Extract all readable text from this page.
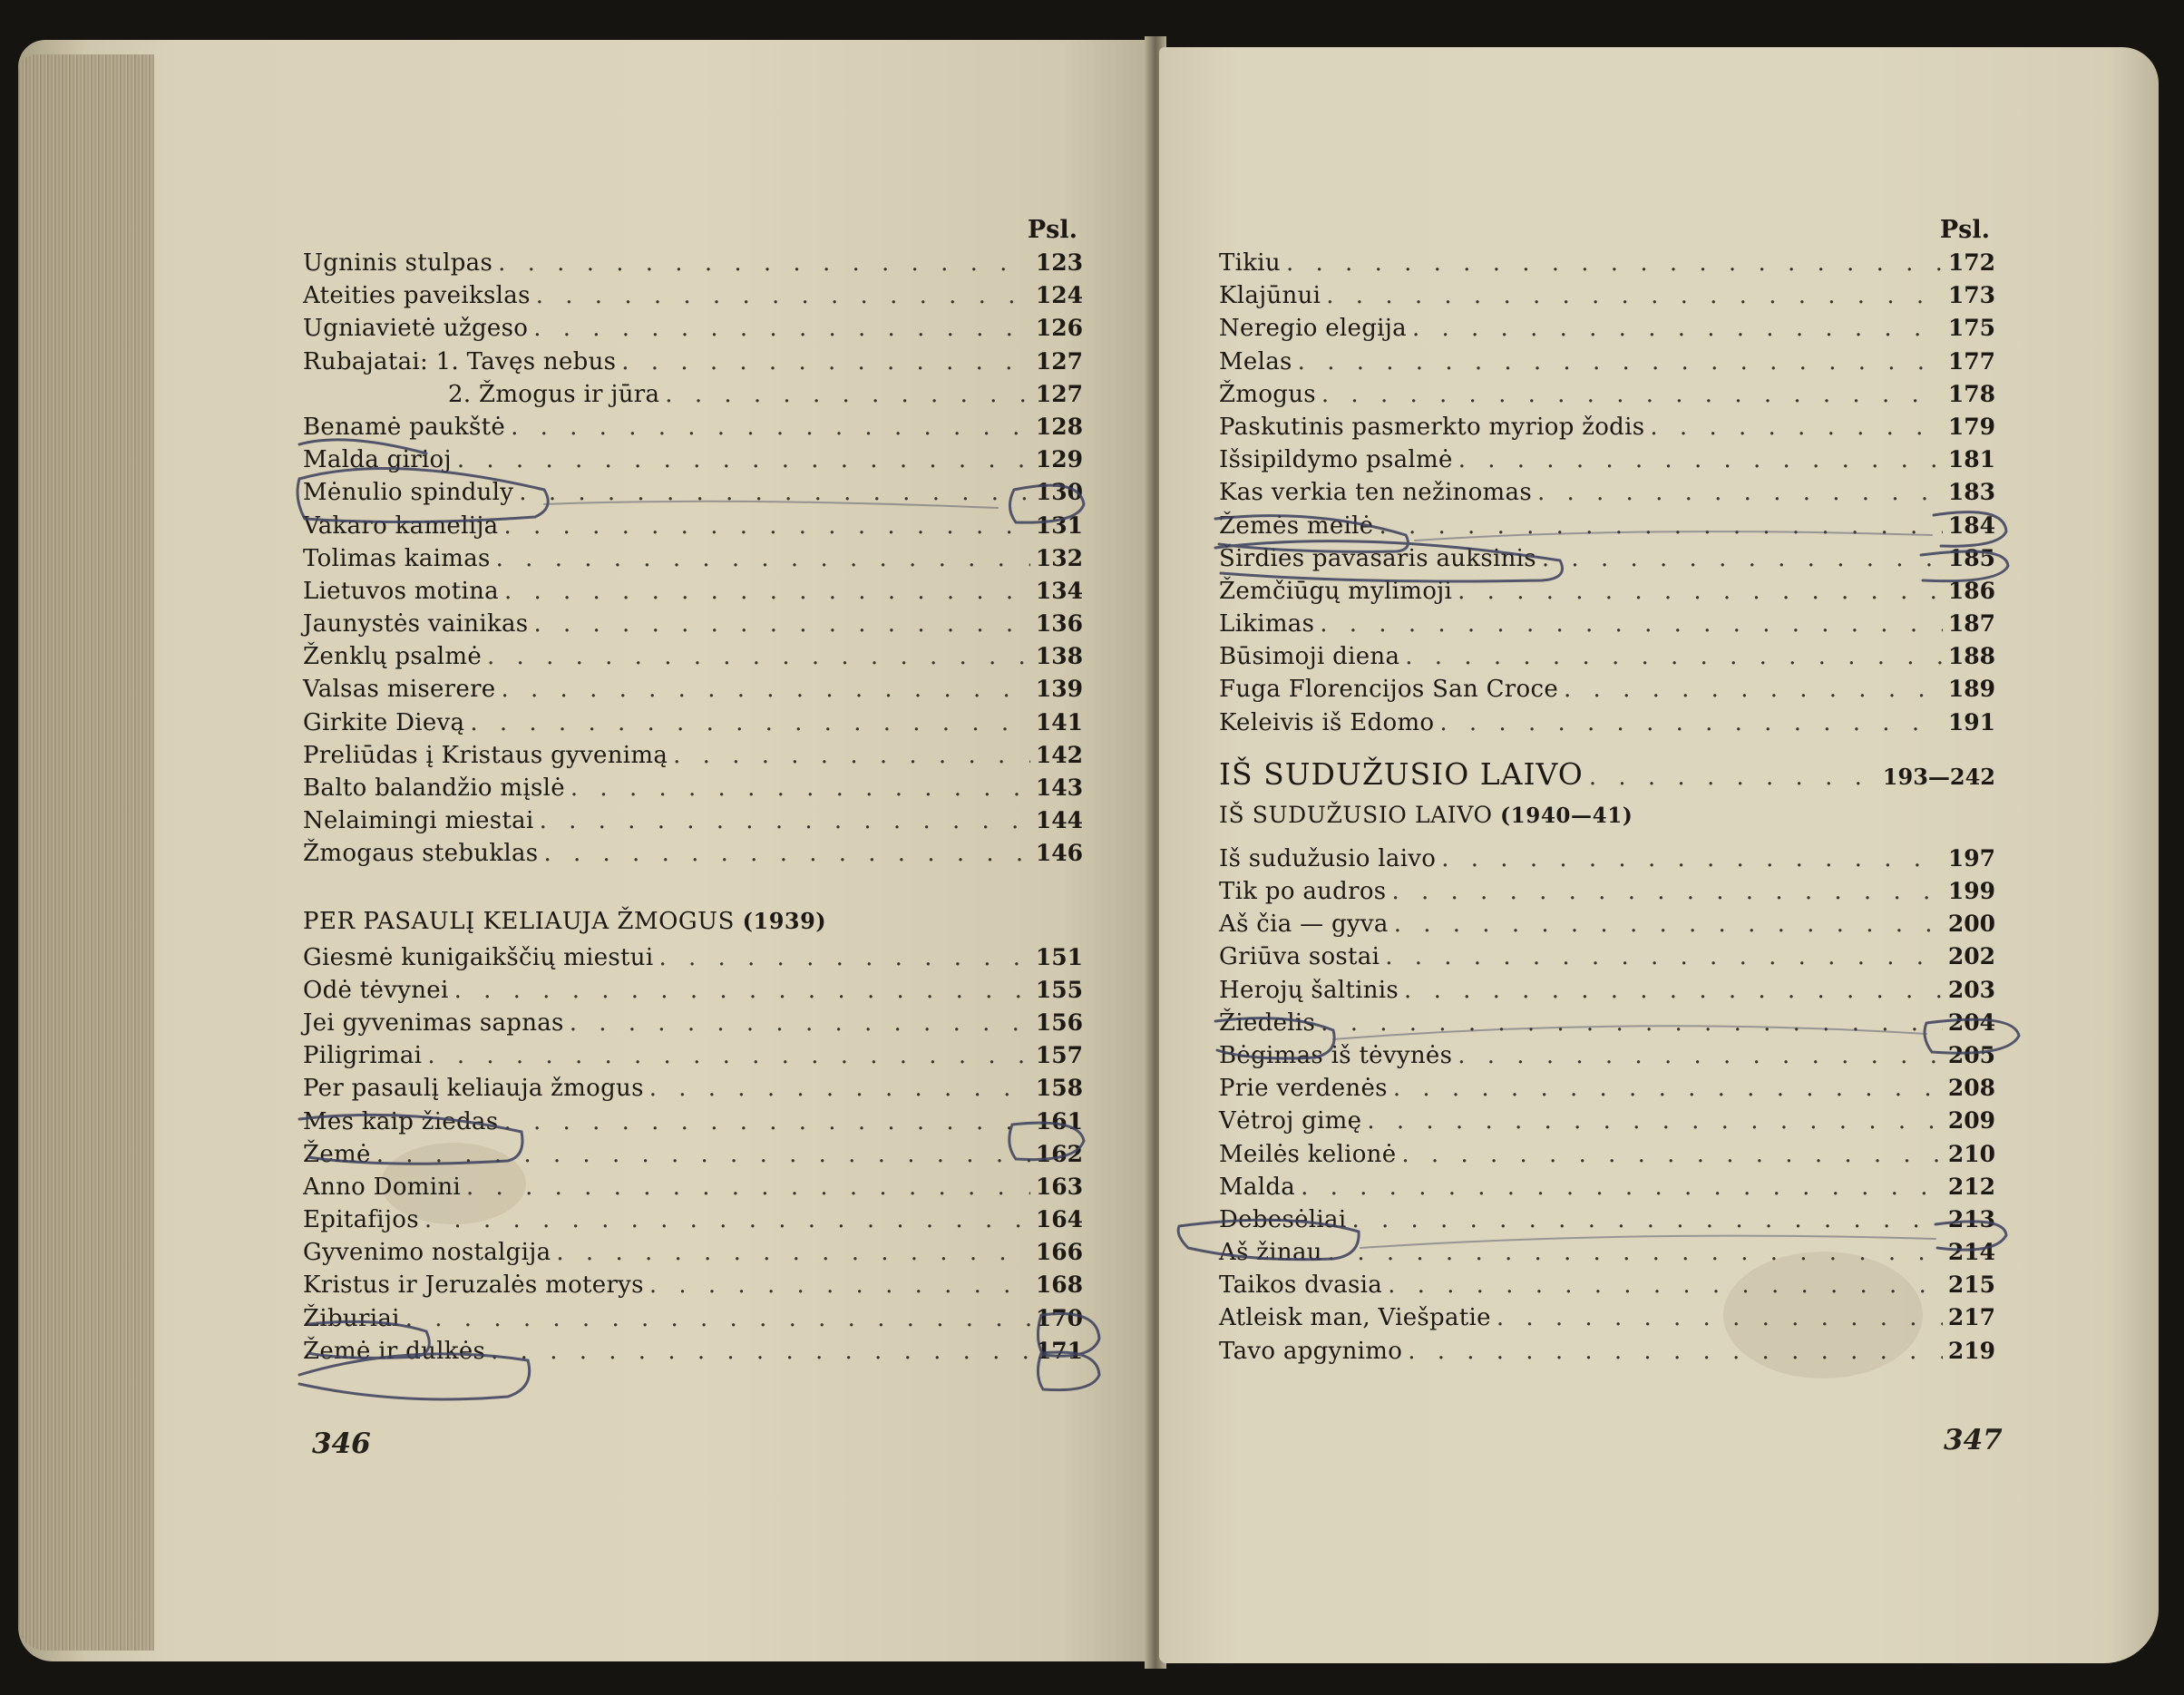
Psl.
Ugninis stulpas . . .	123
Ateities paveikslas . . .	124
Ugniavietė užgeso . . .	126
Rubajatai: 1. Tavęs nebus . . .	127
2. Žmogus ir jūra . . .	127
Benamė paukštė . . .	128
Malda girioj . . .	129
Mėnulio spinduly . . .	130
Vakaro kamelija . . .	131
Tolimas kaimas . . .	132
Lietuvos motina . . .	134
Jaunystės vainikas . . .	136
Ženklų psalmė . . .	138
Valsas miserere . . .	139
Girkite Dievą . . .	141
Preliūdas į Kristaus gyvenimą . . .	142
Balto balandžio mįslė . . .	143
Nelaimingi miestai . . .	144
Žmogaus stebuklas . . .	146
PER PASAULĮ KELIAUJA ŽMOGUS (1939)
Giesmė kunigaikščių miestui . . .	151
Odė tėvynei . . .	155
Jei gyvenimas sapnas . . .	156
Piligrimai . . .	157
Per pasaulį keliauja žmogus . . .	158
Mes kaip žiedas . . .	161
Žemė . . .	162
Anno Domini . . .	163
Epitafijos . . .	164
Gyvenimo nostalgija . . .	166
Kristus ir Jeruzalės moterys . . .	168
Žiburiai . . .	170
Žemė ir dulkės . . .	171
Psl.
Tikiu . . .	172
Klajūnui . . .	173
Neregio elegija . . .	175
Melas . . .	177
Žmogus . . .	178
Paskutinis pasmerkto myriop žodis . . .	179
Išsipildymo psalmė . . .	181
Kas verkia ten nežinomas . . .	183
Žemės meilė . . .	184
Širdies pavasaris auksinis . . .	185
Žemčiūgų mylimoji . . .	186
Likimas . . .	187
Būsimoji diena . . .	188
Fuga Florencijos San Croce . . .	189
Keleivis iš Edomo . . .	191
IŠ SUDUŽUSIO LAIVO . . .	193—242
IŠ SUDUŽUSIO LAIVO (1940—41)
Iš sudužusio laivo . . .	197
Tik po audros . . .	199
Aš čia — gyva . . .	200
Griūva sostai . . .	202
Herojų šaltinis . . .	203
Žiedelis . . .	204
Bėgimas iš tėvynės . . .	205
Prie verdenės . . .	208
Vėtroj gimę . . .	209
Meilės kelionė . . .	210
Malda . . .	212
Debesėliai . . .	213
Aš žinau . . .	214
Taikos dvasia . . .	215
Atleisk man, Viešpatie . . .	217
Tavo apgynimo . . .	219
346	347
